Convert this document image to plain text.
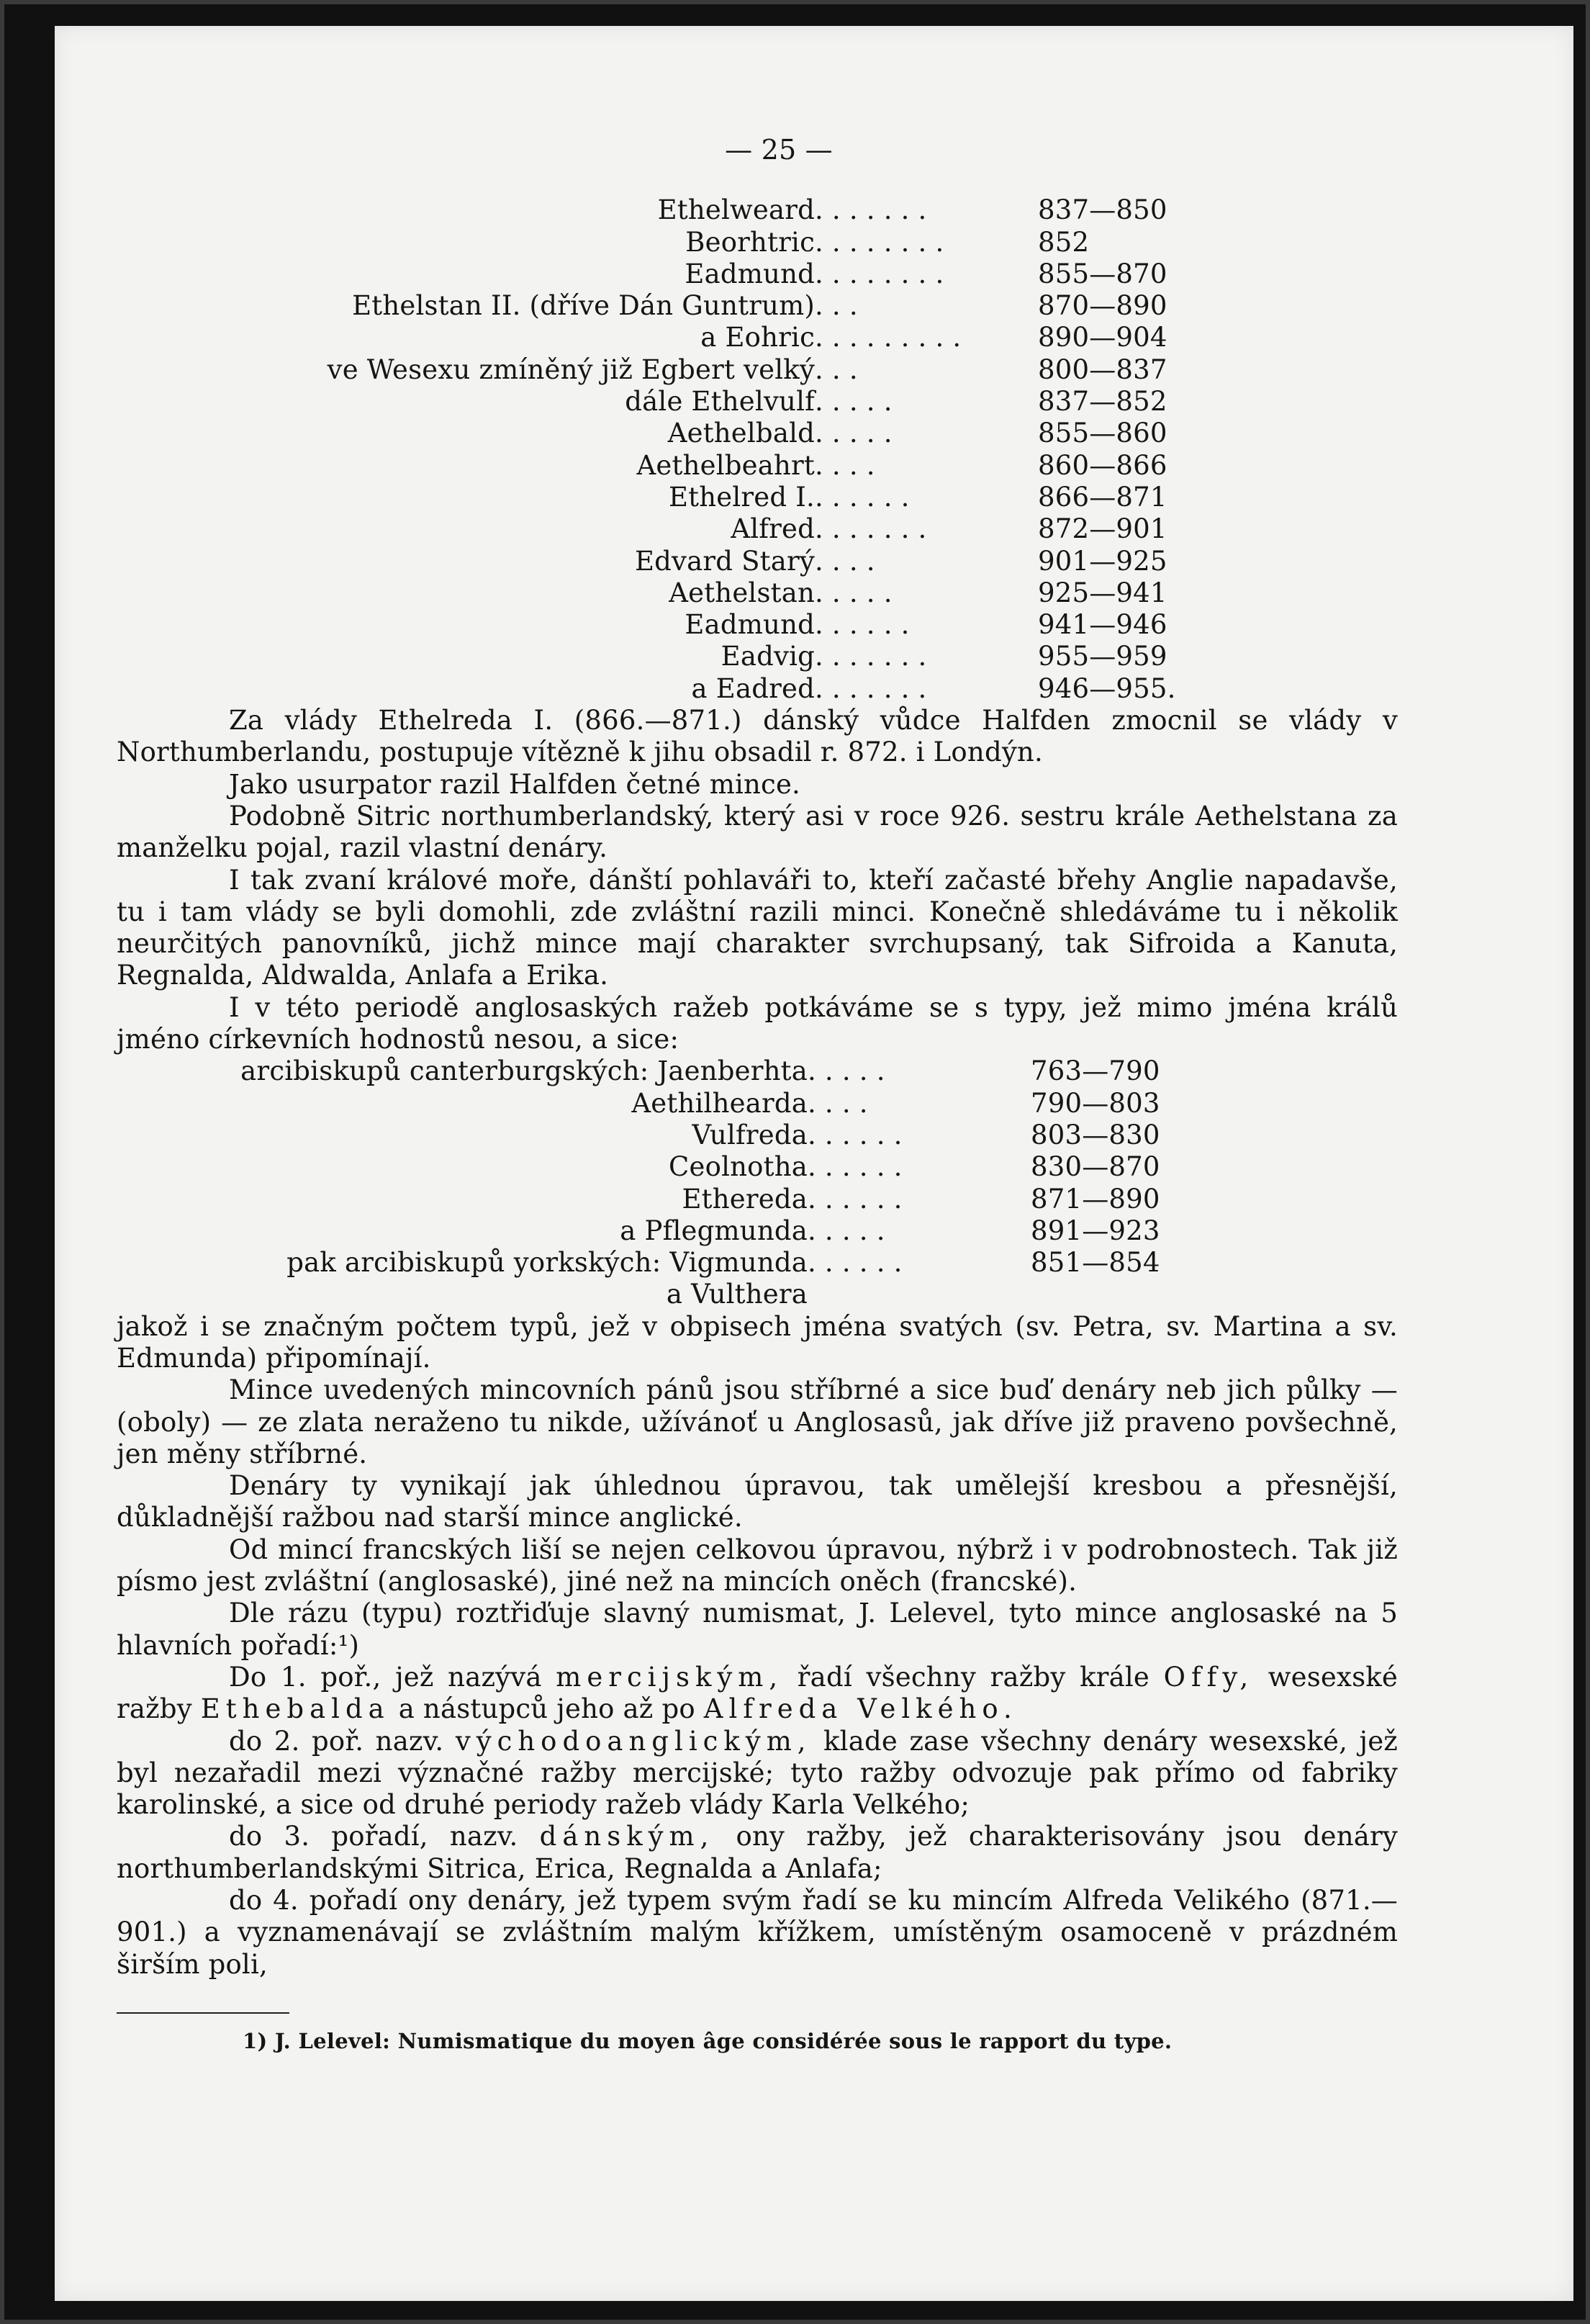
— 25 —
Ethelweard . . . . . . .	837—850
Beorhtric . . . . . . . .	852
Eadmund . . . . . . . .	855—870
Ethelstan II. (dříve Dán Guntrum) . . .	870—890
a Eohric . . . . . . . . .	890—904
ve Wesexu zmíněný již Egbert velký . . .	800—837
dále Ethelvulf . . . . .	837—852
Aethelbald . . . . .	855—860
Aethelbeahrt . . . .	860—866
Ethelred I. . . . . . .	866—871
Alfred . . . . . . .	872—901
Edvard Starý . . . .	901—925
Aethelstan . . . . .	925—941
Eadmund . . . . . .	941—946
Eadvig . . . . . . .	955—959
a Eadred . . . . . . .	946—955.

Za vlády Ethelreda I. (866.—871.) dánský vůdce Halfden zmocnil se vlády v Northumberlandu, postupuje vítězně k jihu obsadil r. 872. i Londýn.

Jako usurpator razil Halfden četné mince.

Podobně Sitric northumberlandský, který asi v roce 926. sestru krále Aethelstana za manželku pojal, razil vlastní denáry.

I tak zvaní králové moře, dánští pohlaváři to, kteří začasté břehy Anglie napadavše, tu i tam vlády se byli domohli, zde zvláštní razili minci. Konečně shledáváme tu i několik neurčitých panovníků, jichž mince mají charakter svrchupsaný, tak Sifroida a Kanuta, Regnalda, Aldwalda, Anlafa a Erika.

I v této periodě anglosaských ražeb potkáváme se s typy, jež mimo jména králů jméno církevních hodnostů nesou, a sice:

arcibiskupů canterburgských: Jaenberhta . . . . .	763—790
Aethilhearda . . . .	790—803
Vulfreda . . . . . .	803—830
Ceolnotha . . . . . .	830—870
Ethereda . . . . . .	871—890
a Pflegmunda . . . . .	891—923
pak arcibiskupů yorkských: Vigmunda . . . . . .	851—854
a Vulthera

jakož i se značným počtem typů, jež v obpisech jména svatých (sv. Petra, sv. Martina a sv. Edmunda) připomínají.

Mince uvedených mincovních pánů jsou stříbrné a sice buď denáry neb jich půlky — (oboly) — ze zlata neraženo tu nikde, užívánoť u Anglosasů, jak dříve již praveno povšechně, jen měny stříbrné.

Denáry ty vynikají jak úhlednou úpravou, tak umělejší kresbou a přesnější, důkladnější ražbou nad starší mince anglické.

Od mincí francských liší se nejen celkovou úpravou, nýbrž i v podrobnostech. Tak již písmo jest zvláštní (anglosaské), jiné než na mincích oněch (francské).

Dle rázu (typu) roztřiďuje slavný numismat, J. Lelevel, tyto mince anglosaské na 5 hlavních pořadí:¹)

Do 1. poř., jež nazývá mercijským, řadí všechny ražby krále Offy, wesexské ražby Ethebalda a nástupců jeho až po Alfreda Velkého.

do 2. poř. nazv. východoanglickým, klade zase všechny denáry wesexské, jež byl nezařadil mezi význačné ražby mercijské; tyto ražby odvozuje pak přímo od fabriky karolinské, a sice od druhé periody ražeb vlády Karla Velkého;

do 3. pořadí, nazv. dánským, ony ražby, jež charakterisovány jsou denáry northumberlandskými Sitrica, Erica, Regnalda a Anlafa;

do 4. pořadí ony denáry, jež typem svým řadí se ku mincím Alfreda Velikého (871.—901.) a vyznamenávají se zvláštním malým křížkem, umístěným osamoceně v prázdném širším poli,

1) J. Lelevel: Numismatique du moyen âge considérée sous le rapport du type.
